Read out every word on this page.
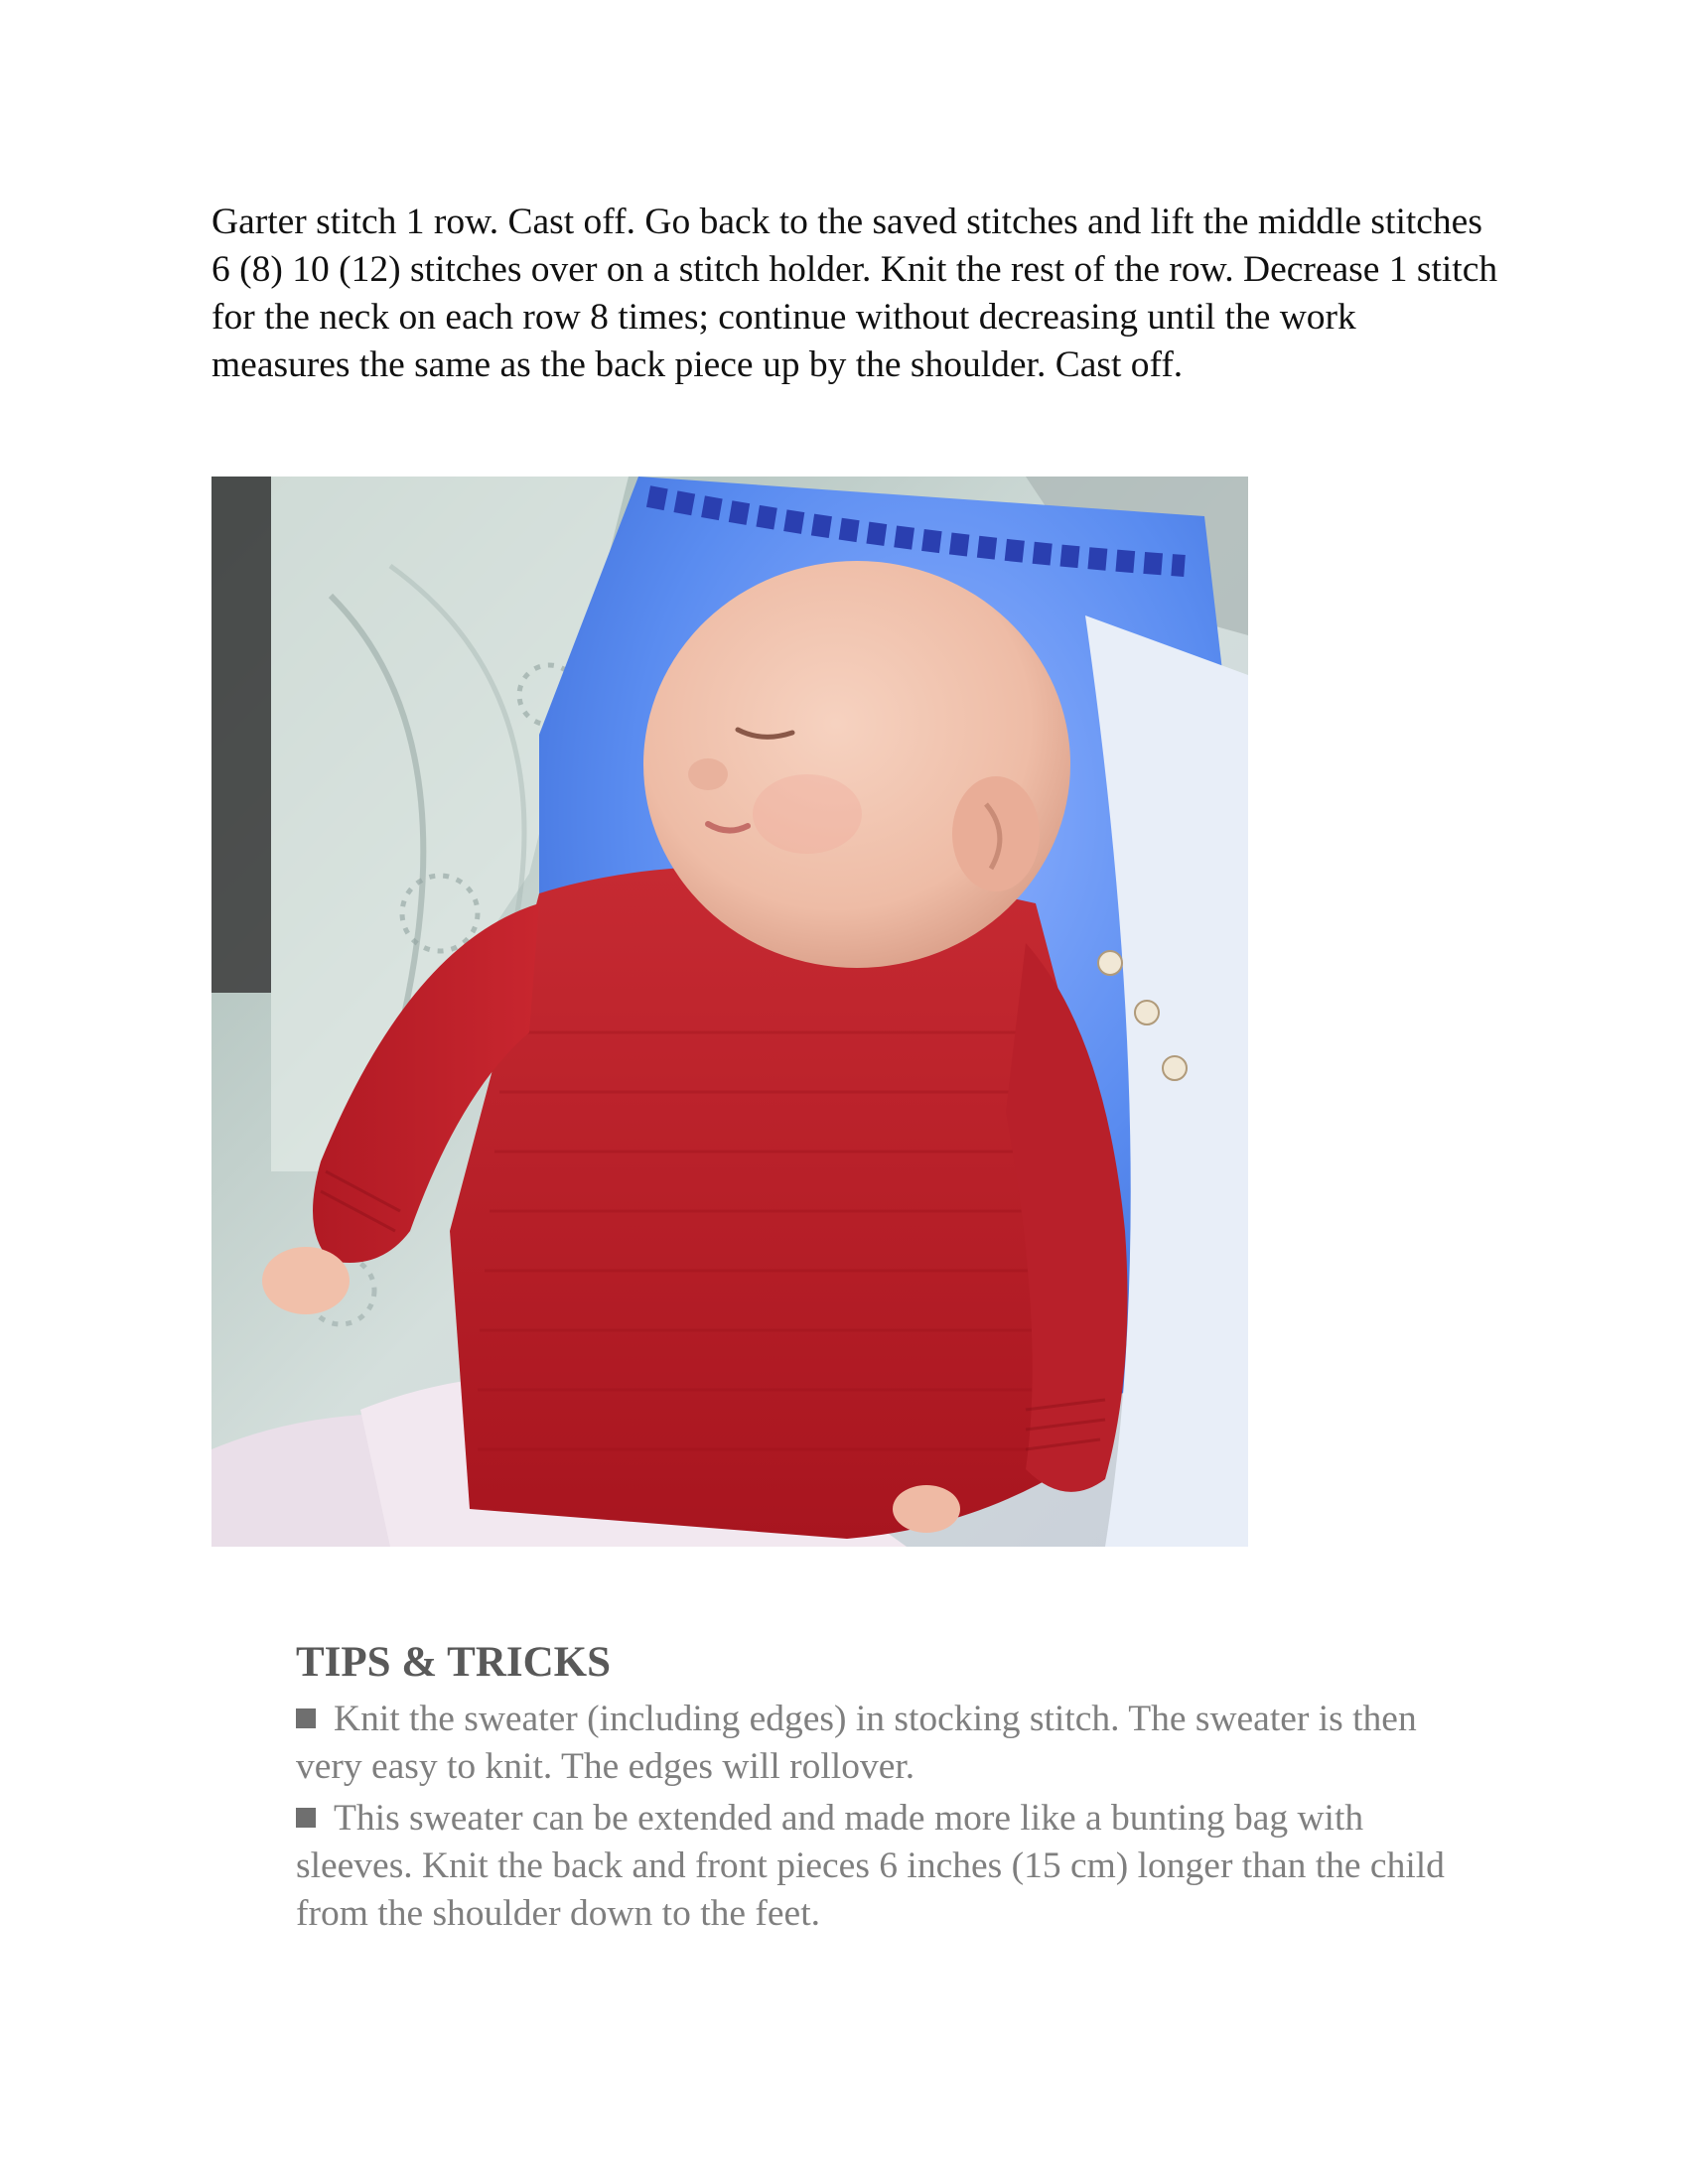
Garter stitch 1 row. Cast off. Go back to the saved stitches and lift the middle stitches 6 (8) 10 (12) stitches over on a stitch holder. Knit the rest of the row. Decrease 1 stitch for the neck on each row 8 times; continue without decreasing until the work measures the same as the back piece up by the shoulder. Cast off.

TIPS & TRICKS

Knit the sweater (including edges) in stocking stitch. The sweater is then very easy to knit. The edges will rollover.

This sweater can be extended and made more like a bunting bag with sleeves. Knit the back and front pieces 6 inches (15 cm) longer than the child from the shoulder down to the feet.
